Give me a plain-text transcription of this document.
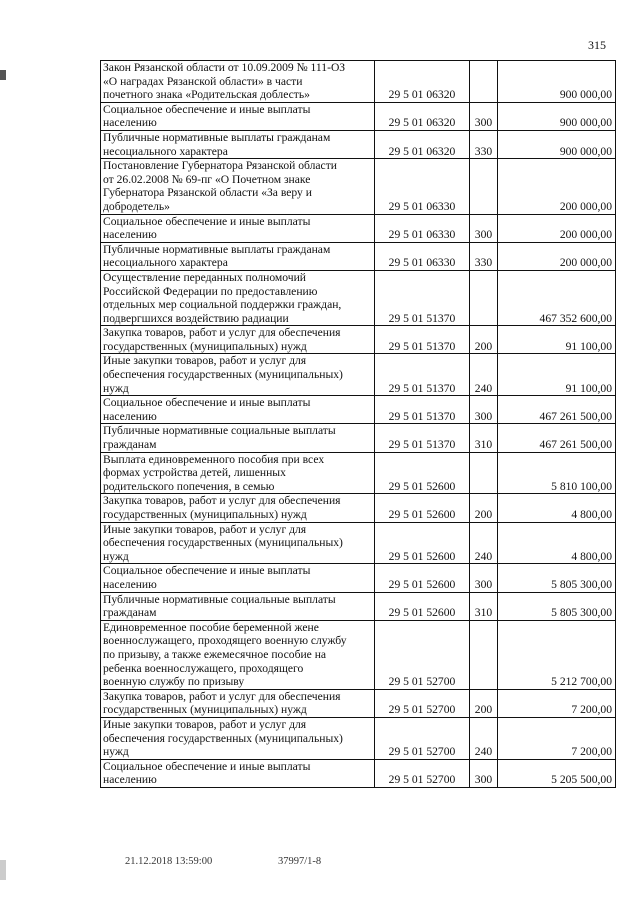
315
Закон Рязанской области от 10.09.2009 № 111-ОЗ
«О наградах Рязанской области» в части
почетного знака «Родительская доблесть»	29 5 01 06320		900 000,00
Социальное обеспечение и иные выплаты
населению	29 5 01 06320	300	900 000,00
Публичные нормативные выплаты гражданам
несоциального характера	29 5 01 06320	330	900 000,00
Постановление Губернатора Рязанской области
от 26.02.2008 № 69-пг «О Почетном знаке
Губернатора Рязанской области «За веру и
добродетель»	29 5 01 06330		200 000,00
Социальное обеспечение и иные выплаты
населению	29 5 01 06330	300	200 000,00
Публичные нормативные выплаты гражданам
несоциального характера	29 5 01 06330	330	200 000,00
Осуществление переданных полномочий
Российской Федерации по предоставлению
отдельных мер социальной поддержки граждан,
подвергшихся воздействию радиации	29 5 01 51370		467 352 600,00
Закупка товаров, работ и услуг для обеспечения
государственных (муниципальных) нужд	29 5 01 51370	200	91 100,00
Иные закупки товаров, работ и услуг для
обеспечения государственных (муниципальных)
нужд	29 5 01 51370	240	91 100,00
Социальное обеспечение и иные выплаты
населению	29 5 01 51370	300	467 261 500,00
Публичные нормативные социальные выплаты
гражданам	29 5 01 51370	310	467 261 500,00
Выплата единовременного пособия при всех
формах устройства детей, лишенных
родительского попечения, в семью	29 5 01 52600		5 810 100,00
Закупка товаров, работ и услуг для обеспечения
государственных (муниципальных) нужд	29 5 01 52600	200	4 800,00
Иные закупки товаров, работ и услуг для
обеспечения государственных (муниципальных)
нужд	29 5 01 52600	240	4 800,00
Социальное обеспечение и иные выплаты
населению	29 5 01 52600	300	5 805 300,00
Публичные нормативные социальные выплаты
гражданам	29 5 01 52600	310	5 805 300,00
Единовременное пособие беременной жене
военнослужащего, проходящего военную службу
по призыву, а также ежемесячное пособие на
ребенка военнослужащего, проходящего
военную службу по призыву	29 5 01 52700		5 212 700,00
Закупка товаров, работ и услуг для обеспечения
государственных (муниципальных) нужд	29 5 01 52700	200	7 200,00
Иные закупки товаров, работ и услуг для
обеспечения государственных (муниципальных)
нужд	29 5 01 52700	240	7 200,00
Социальное обеспечение и иные выплаты
населению	29 5 01 52700	300	5 205 500,00
21.12.2018 13:59:00	37997/1-8
